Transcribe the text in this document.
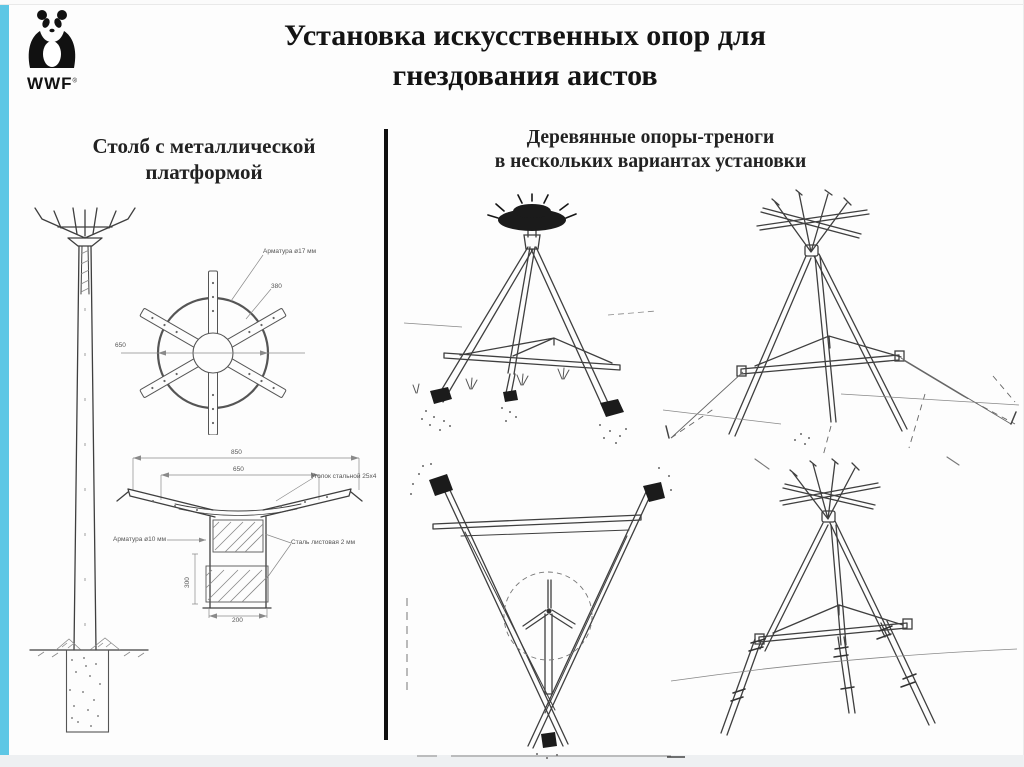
WWF®
Установка искусственных опор для
гнездования аистов
Столб с металлической
платформой
Деревянные опоры-треноги
в нескольких вариантах установки
Арматура ø17 мм
380
650
850
650
Уголок стальной 25х4
Сталь листовая 2 мм
Арматура ø10 мм
300
200
